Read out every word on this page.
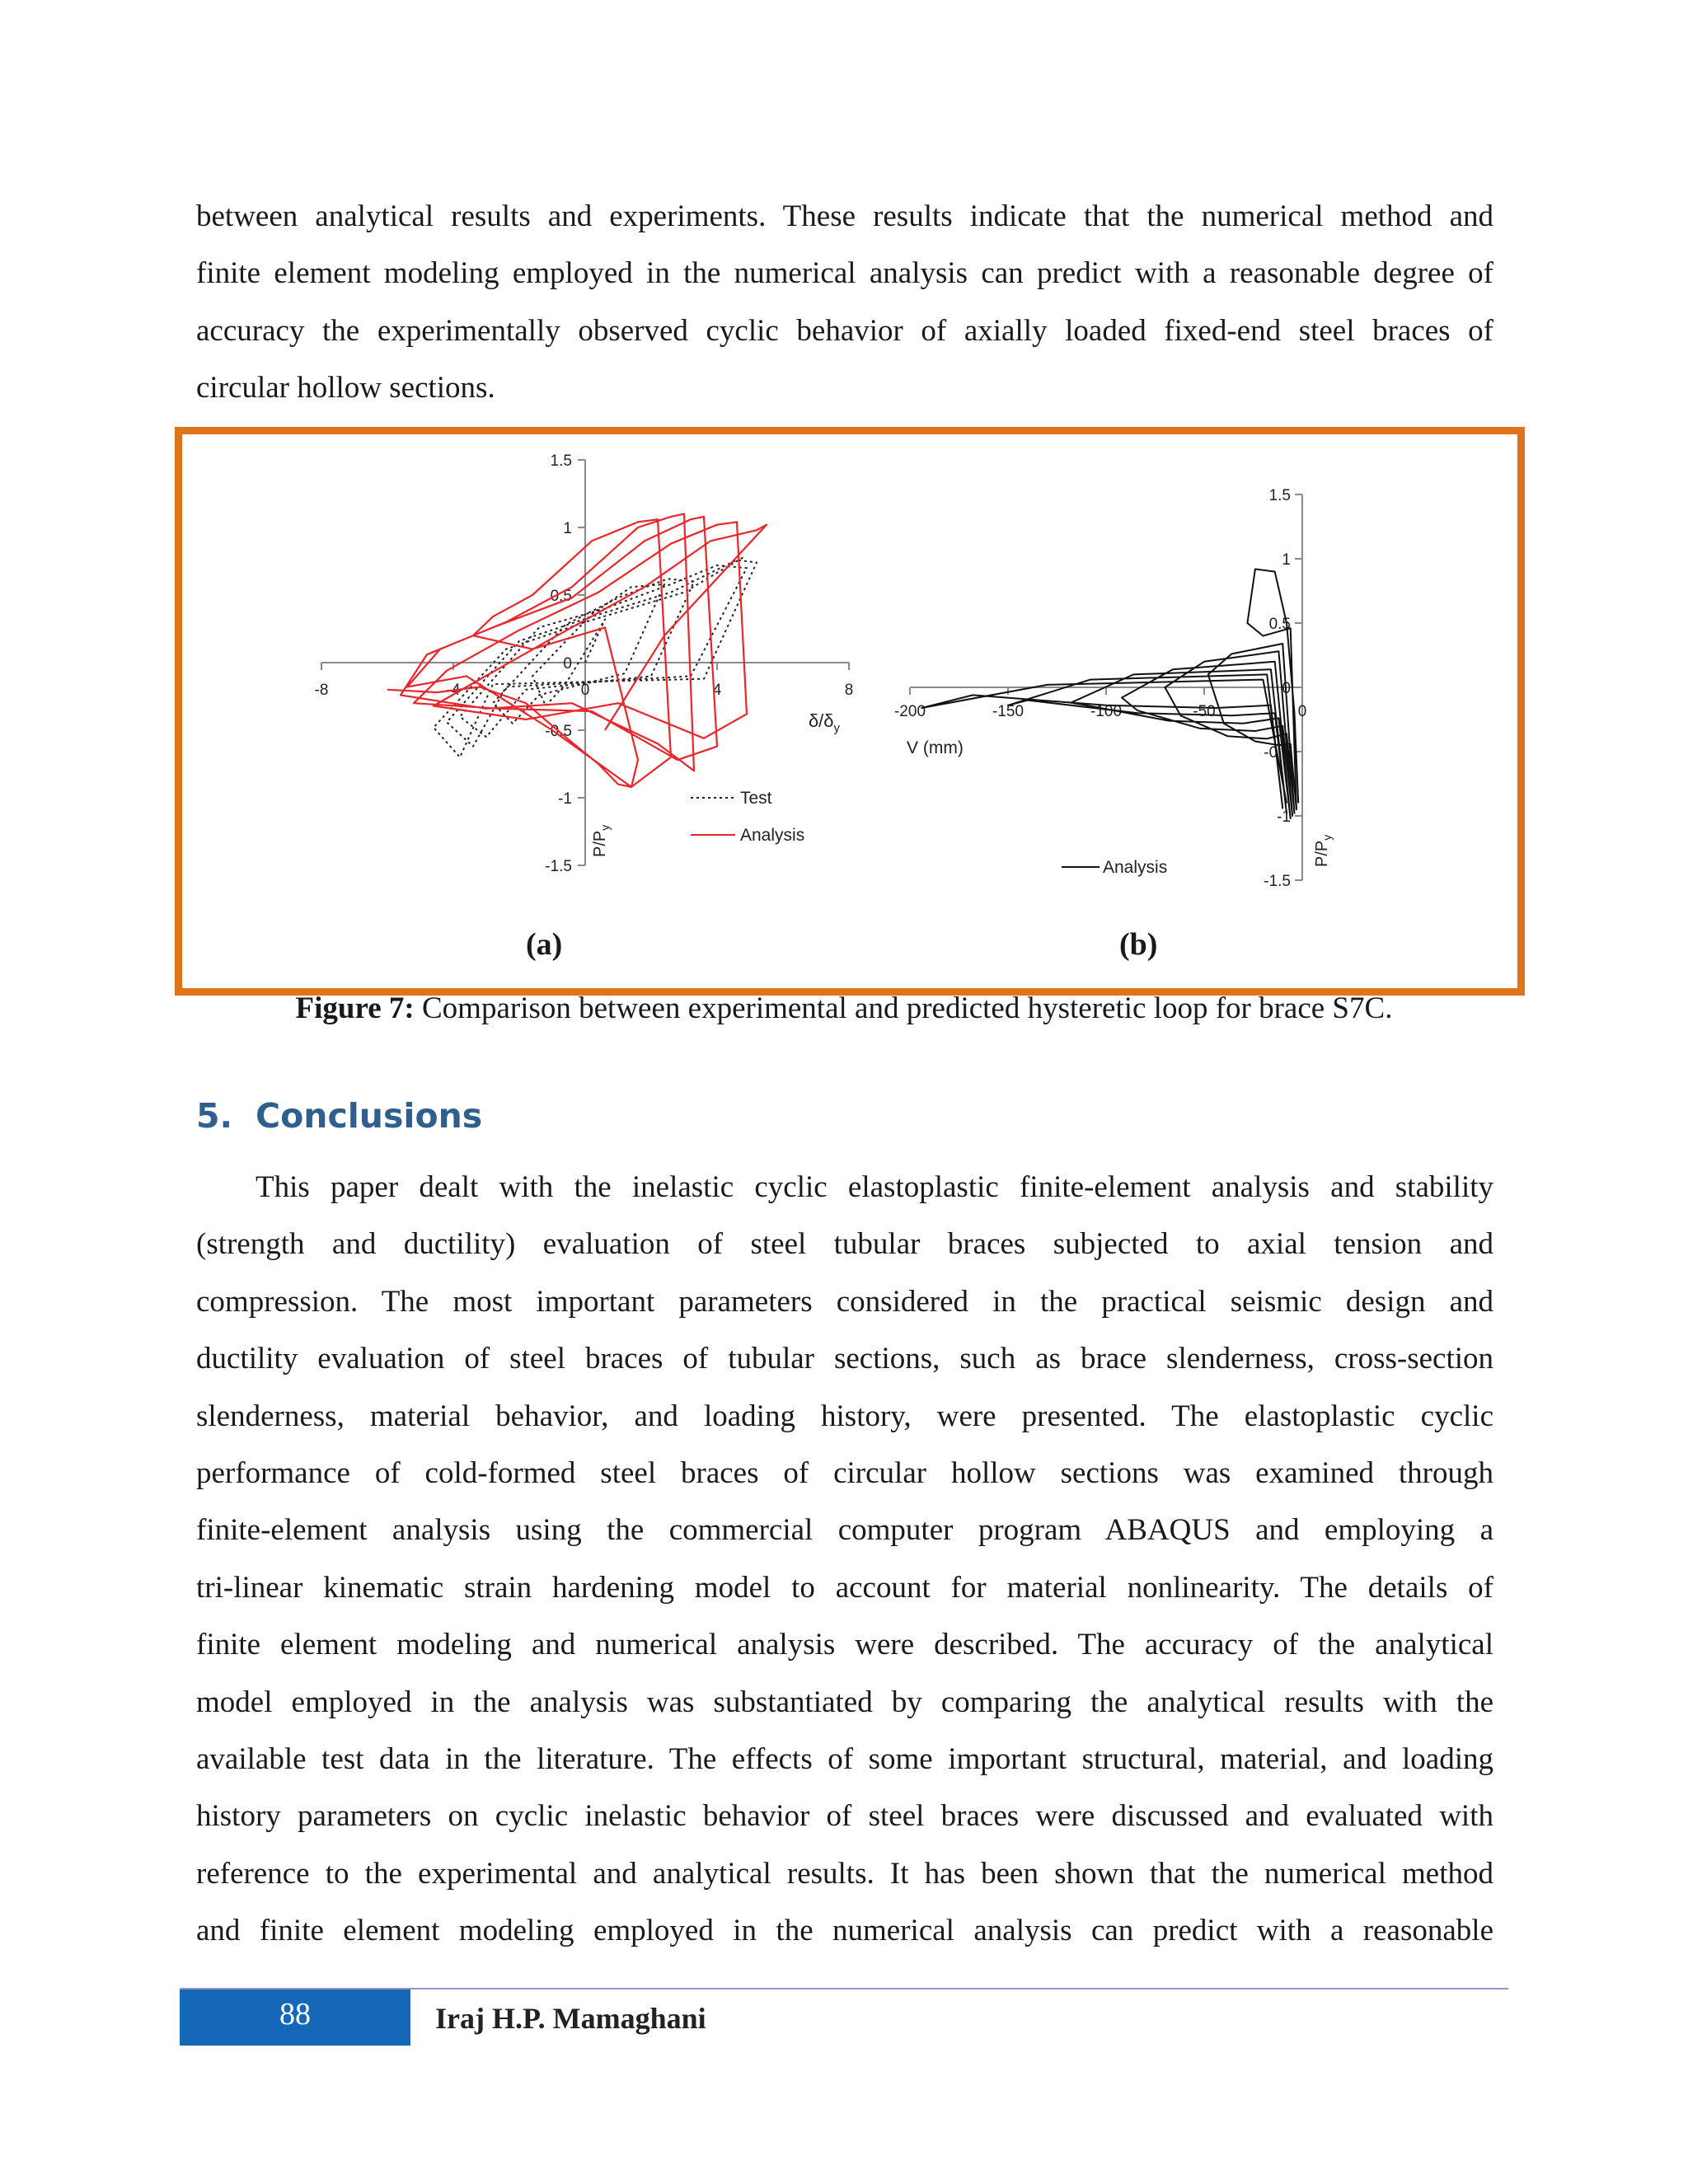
between analytical results and experiments. These results indicate that the numerical method and
finite element modeling employed in the numerical analysis can predict with a reasonable degree of
accuracy the experimentally observed cyclic behavior of axially loaded fixed-end steel braces of
circular hollow sections.
-8	-4	0	4	8
-1.5
-1
-0.5
0
0.5
1
1.5
$\delta/\delta_y$
$P/P_y$
Test
Analysis
-200	-150	-100	-50	0
-1.5
-1
-0.5
0
0.5
1
1.5
V (mm)
$P/P_y$
Analysis
(a)	(b)
Figure 7: Comparison between experimental and predicted hysteretic loop for brace S7C.
5. Conclusions
This paper dealt with the inelastic cyclic elastoplastic finite-element analysis and stability
(strength and ductility) evaluation of steel tubular braces subjected to axial tension and
compression. The most important parameters considered in the practical seismic design and
ductility evaluation of steel braces of tubular sections, such as brace slenderness, cross-section
slenderness, material behavior, and loading history, were presented. The elastoplastic cyclic
performance of cold-formed steel braces of circular hollow sections was examined through
finite-element analysis using the commercial computer program ABAQUS and employing a
tri-linear kinematic strain hardening model to account for material nonlinearity. The details of
finite element modeling and numerical analysis were described. The accuracy of the analytical
model employed in the analysis was substantiated by comparing the analytical results with the
available test data in the literature. The effects of some important structural, material, and loading
history parameters on cyclic inelastic behavior of steel braces were discussed and evaluated with
reference to the experimental and analytical results. It has been shown that the numerical method
and finite element modeling employed in the numerical analysis can predict with a reasonable
88	Iraj H.P. Mamaghani
